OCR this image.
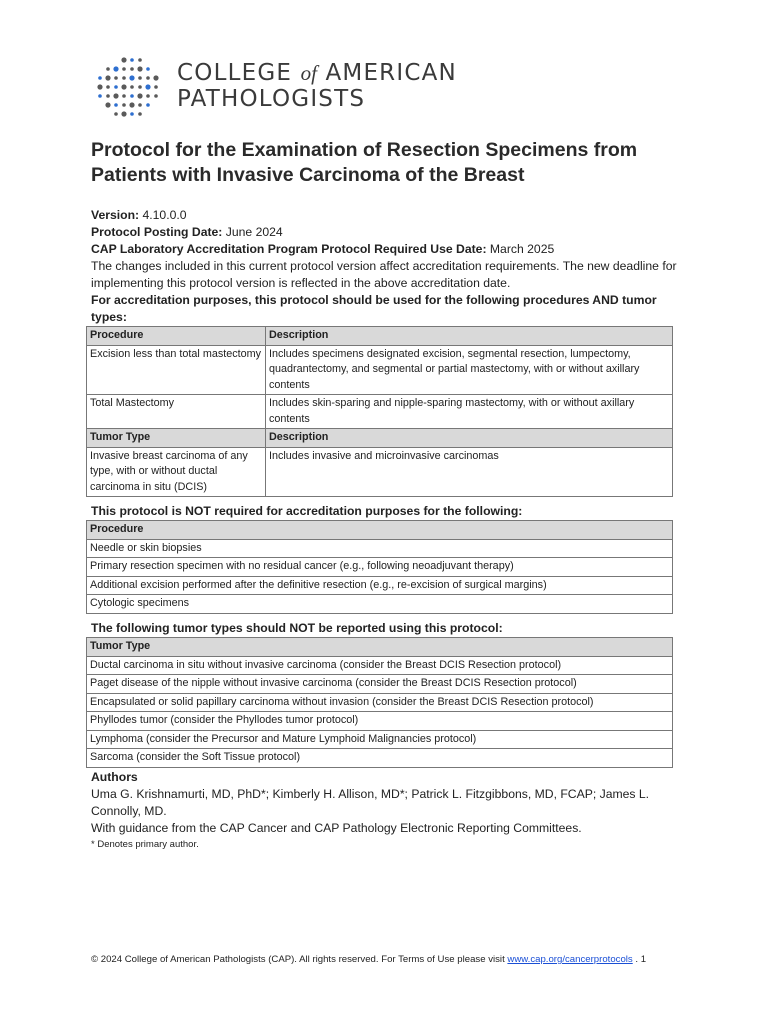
COLLEGE of AMERICAN
PATHOLOGISTS
Protocol for the Examination of Resection Specimens from
Patients with Invasive Carcinoma of the Breast
Version: 4.10.0.0
Protocol Posting Date: June 2024
CAP Laboratory Accreditation Program Protocol Required Use Date: March 2025
The changes included in this current protocol version affect accreditation requirements. The new deadline for implementing this protocol version is reflected in the above accreditation date.
For accreditation purposes, this protocol should be used for the following procedures AND tumor types:
Procedure	Description
Excision less than total mastectomy	Includes specimens designated excision, segmental resection, lumpectomy, quadrantectomy, and segmental or partial mastectomy, with or without axillary contents
Total Mastectomy	Includes skin-sparing and nipple-sparing mastectomy, with or without axillary contents
Tumor Type	Description
Invasive breast carcinoma of any type, with or without ductal carcinoma in situ (DCIS)	Includes invasive and microinvasive carcinomas
This protocol is NOT required for accreditation purposes for the following:
Procedure
Needle or skin biopsies
Primary resection specimen with no residual cancer (e.g., following neoadjuvant therapy)
Additional excision performed after the definitive resection (e.g., re-excision of surgical margins)
Cytologic specimens
The following tumor types should NOT be reported using this protocol:
Tumor Type
Ductal carcinoma in situ without invasive carcinoma (consider the Breast DCIS Resection protocol)
Paget disease of the nipple without invasive carcinoma (consider the Breast DCIS Resection protocol)
Encapsulated or solid papillary carcinoma without invasion (consider the Breast DCIS Resection protocol)
Phyllodes tumor (consider the Phyllodes tumor protocol)
Lymphoma (consider the Precursor and Mature Lymphoid Malignancies protocol)
Sarcoma (consider the Soft Tissue protocol)
Authors
Uma G. Krishnamurti, MD, PhD*; Kimberly H. Allison, MD*; Patrick L. Fitzgibbons, MD, FCAP; James L. Connolly, MD.
With guidance from the CAP Cancer and CAP Pathology Electronic Reporting Committees.
* Denotes primary author.
© 2024 College of American Pathologists (CAP). All rights reserved. For Terms of Use please visit www.cap.org/cancerprotocols . 1
